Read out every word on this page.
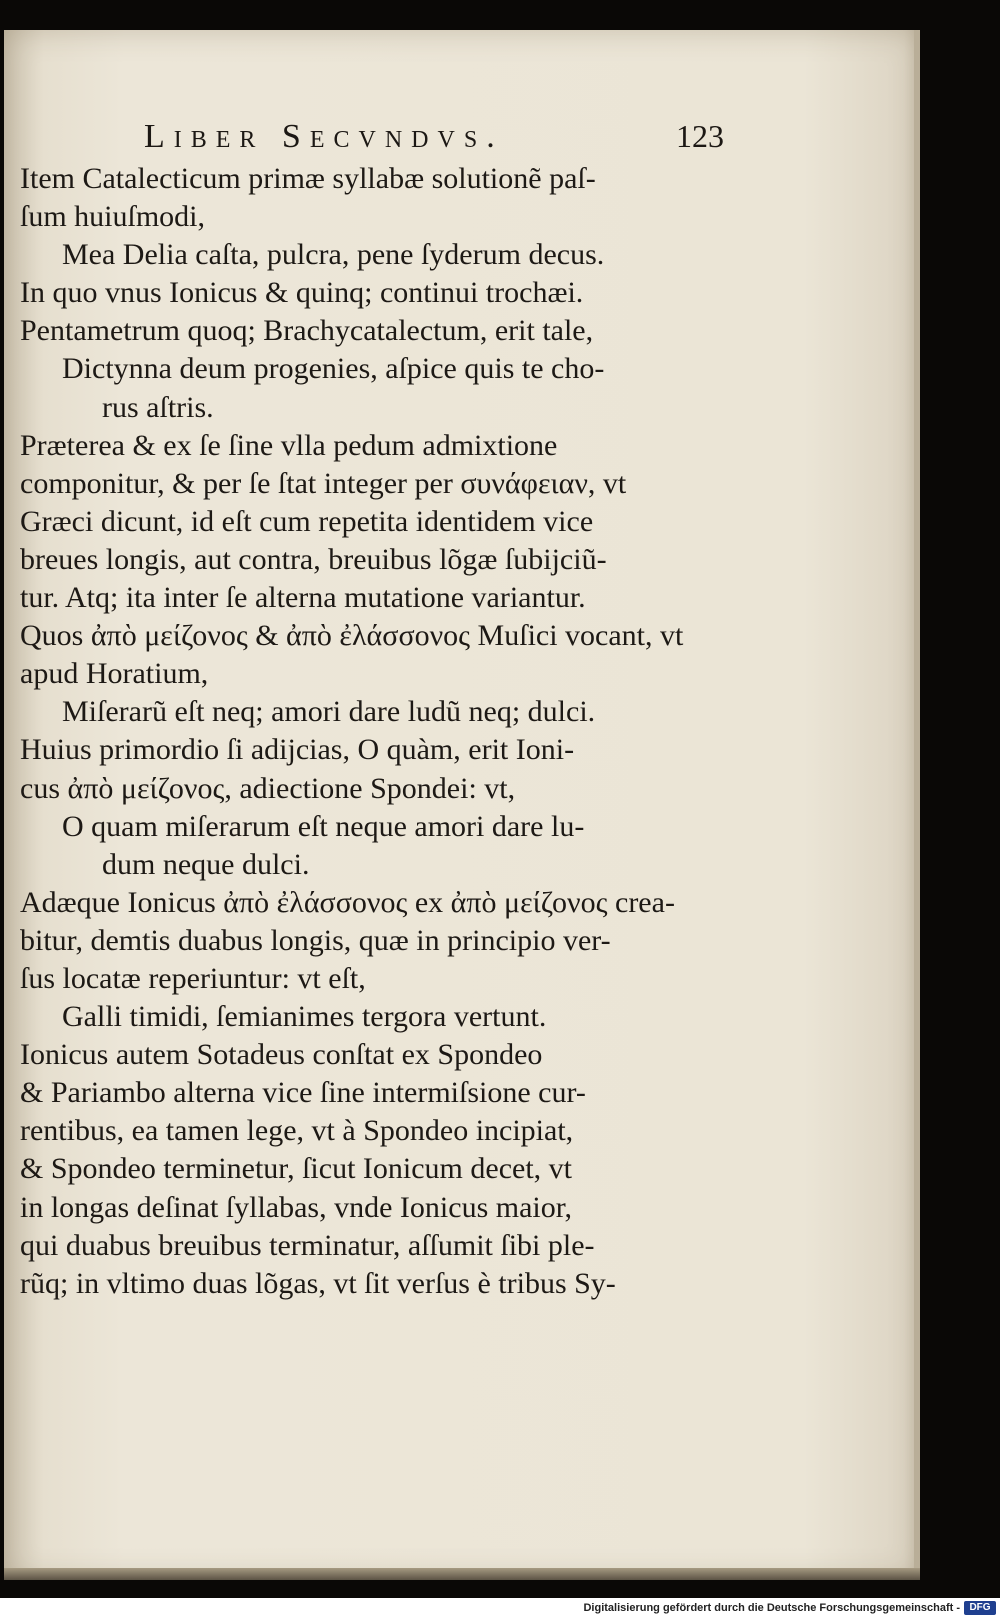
Liber Secvndvs.	123
Item Catalecticum primæ syllabæ solutionẽ paſ-
ſum huiuſmodi,
Mea Delia caſta, pulcra, pene ſyderum decus.
In quo vnus Ionicus & quinq; continui trochæi.
Pentametrum quoq; Brachycatalectum, erit tale,
Dictynna deum progenies, aſpice quis te cho-
rus aſtris.
Præterea & ex ſe ſine vlla pedum admixtione
componitur, & per ſe ſtat integer per συνάφειαν, vt
Græci dicunt, id eſt cum repetita identidem vice
breues longis, aut contra, breuibus lõgæ ſubijciũ-
tur. Atq; ita inter ſe alterna mutatione variantur.
Quos ἀπὸ μείζονος & ἀπὸ ἐλάσσονος Muſici vocant, vt
apud Horatium,
Miſerarũ eſt neq; amori dare ludũ neq; dulci.
Huius primordio ſi adijcias, O quàm, erit Ioni-
cus ἀπὸ μείζονος, adiectione Spondei: vt,
O quam miſerarum eſt neque amori dare lu-
dum neque dulci.
Adæque Ionicus ἀπὸ ἐλάσσονος ex ἀπὸ μείζονος crea-
bitur, demtis duabus longis, quæ in principio ver-
ſus locatæ reperiuntur: vt eſt,
Galli timidi, ſemianimes tergora vertunt.
Ionicus autem Sotadeus conſtat ex Spondeo
& Pariambo alterna vice ſine intermiſsione cur-
rentibus, ea tamen lege, vt à Spondeo incipiat,
& Spondeo terminetur, ſicut Ionicum decet, vt
in longas deſinat ſyllabas, vnde Ionicus maior,
qui duabus breuibus terminatur, aſſumit ſibi ple-
rũq; in vltimo duas lõgas, vt ſit verſus è tribus Sy-
Digitalisierung gefördert durch die Deutsche Forschungsgemeinschaft - DFG
